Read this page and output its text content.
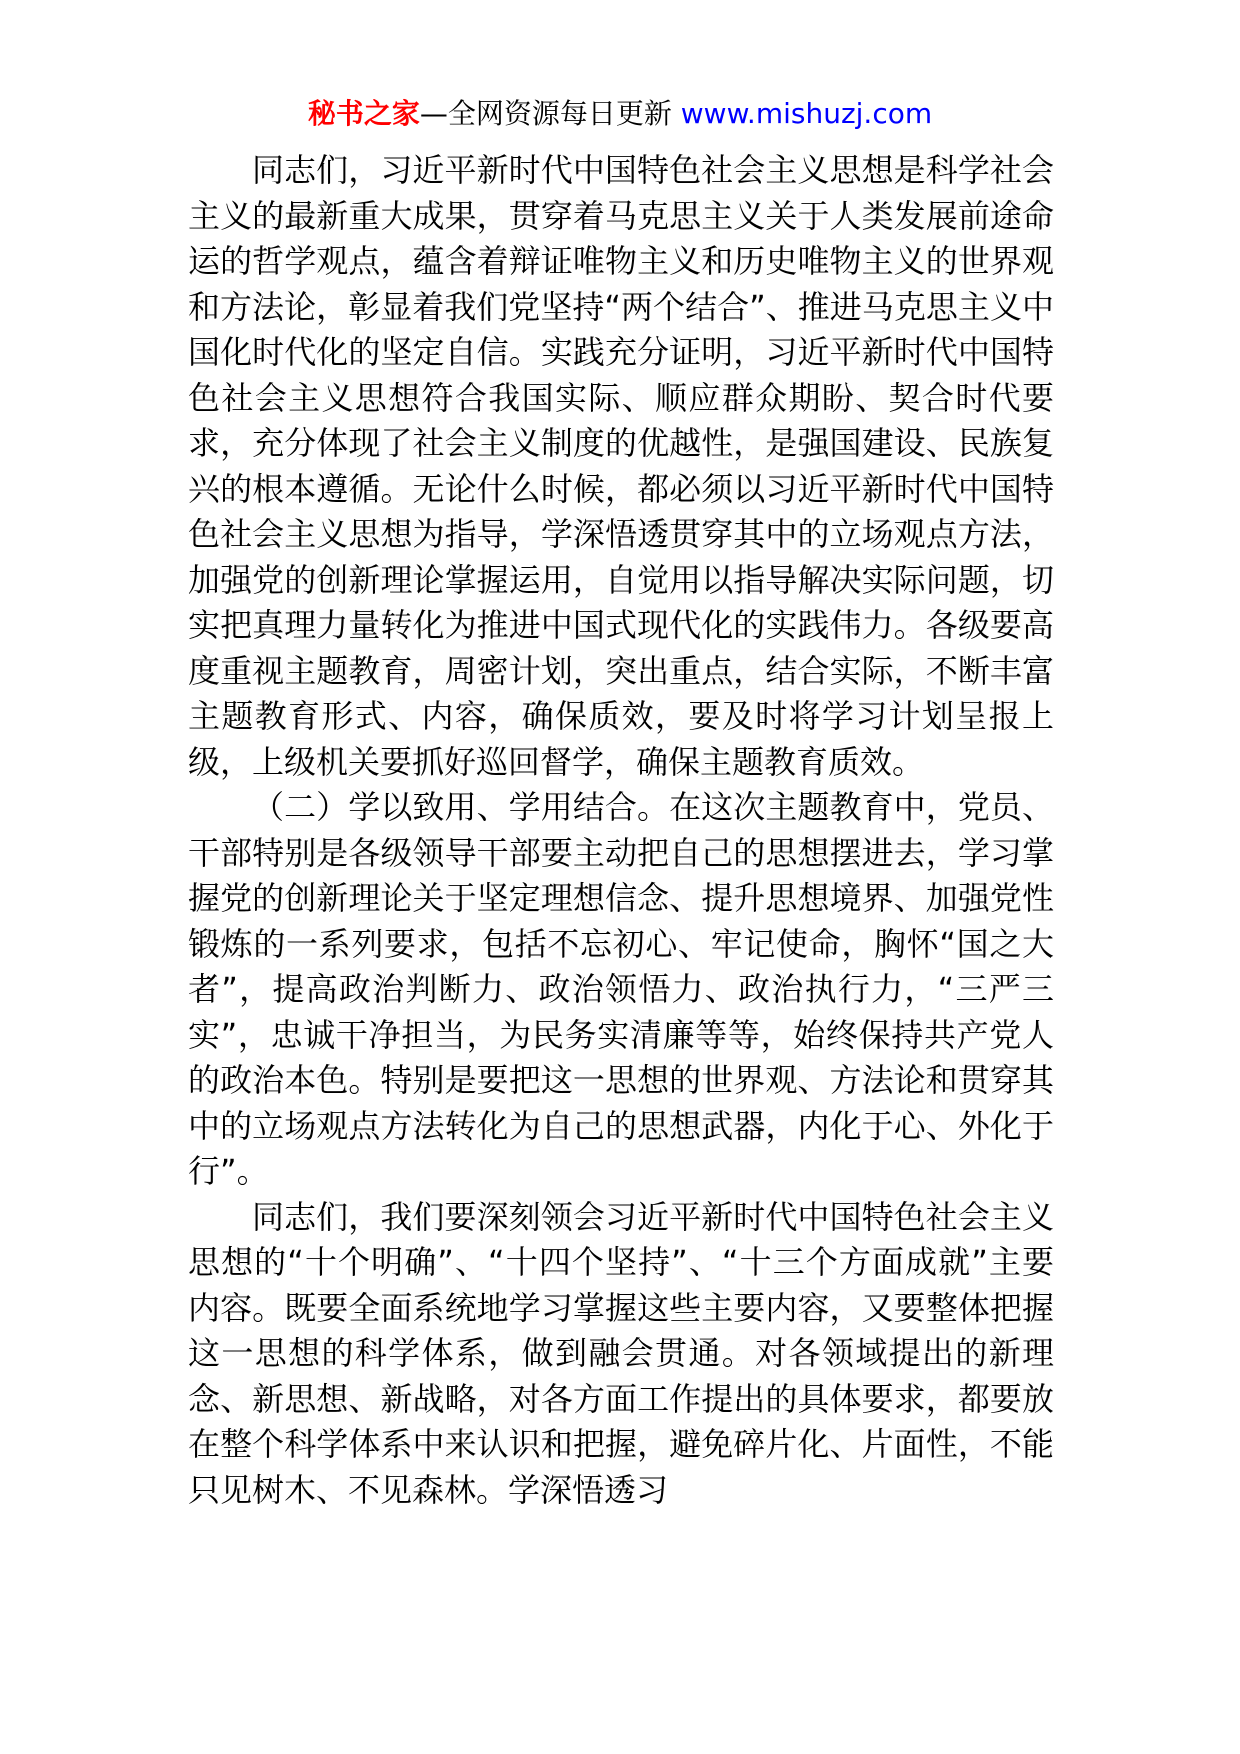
秘书之家—全网资源每日更新 www.mishuzj.com

同志们，习近平新时代中国特色社会主义思想是科学社会主义的最新重大成果，贯穿着马克思主义关于人类发展前途命运的哲学观点，蕴含着辩证唯物主义和历史唯物主义的世界观和方法论，彰显着我们党坚持“两个结合”、推进马克思主义中国化时代化的坚定自信。实践充分证明，习近平新时代中国特色社会主义思想符合我国实际、顺应群众期盼、契合时代要求，充分体现了社会主义制度的优越性，是强国建设、民族复兴的根本遵循。无论什么时候，都必须以习近平新时代中国特色社会主义思想为指导，学深悟透贯穿其中的立场观点方法，加强党的创新理论掌握运用，自觉用以指导解决实际问题，切实把真理力量转化为推进中国式现代化的实践伟力。各级要高度重视主题教育，周密计划，突出重点，结合实际，不断丰富主题教育形式、内容，确保质效，要及时将学习计划呈报上级，上级机关要抓好巡回督学，确保主题教育质效。

（二）学以致用、学用结合。在这次主题教育中，党员、干部特别是各级领导干部要主动把自己的思想摆进去，学习掌握党的创新理论关于坚定理想信念、提升思想境界、加强党性锻炼的一系列要求，包括不忘初心、牢记使命，胸怀“国之大者”，提高政治判断力、政治领悟力、政治执行力，“三严三实”，忠诚干净担当，为民务实清廉等等，始终保持共产党人的政治本色。特别是要把这一思想的世界观、方法论和贯穿其中的立场观点方法转化为自己的思想武器，内化于心、外化于行”。

同志们，我们要深刻领会习近平新时代中国特色社会主义思想的“十个明确”、“十四个坚持”、“十三个方面成就”主要内容。既要全面系统地学习掌握这些主要内容，又要整体把握这一思想的科学体系，做到融会贯通。对各领域提出的新理念、新思想、新战略，对各方面工作提出的具体要求，都要放在整个科学体系中来认识和把握，避免碎片化、片面性，不能只见树木、不见森林。学深悟透习
